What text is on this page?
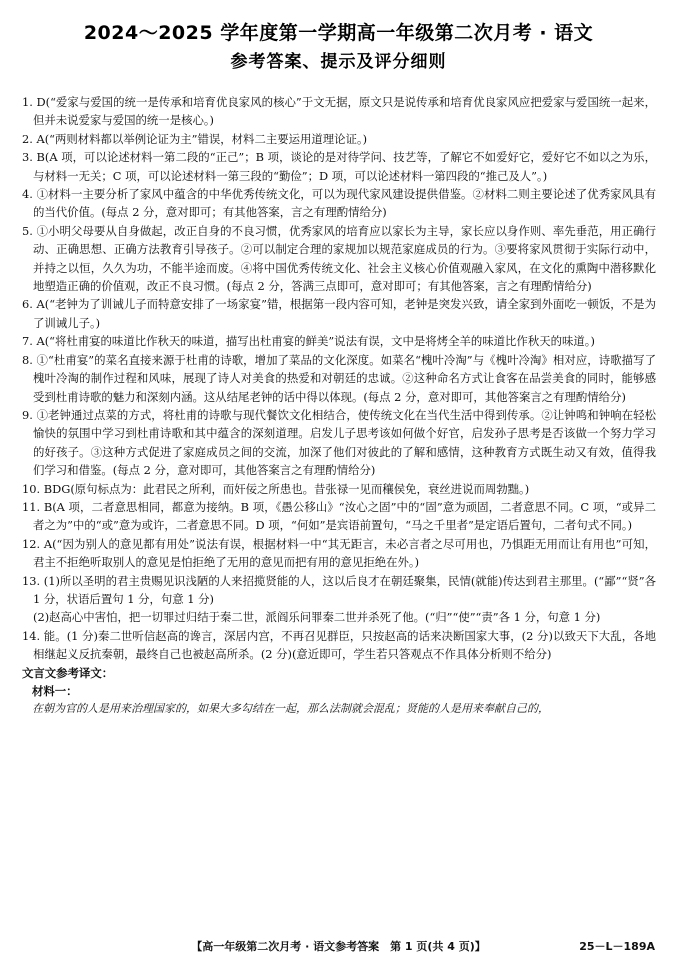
2024～2025 学年度第一学期高一年级第二次月考 · 语文
参考答案、提示及评分细则

1. D(“爱家与爱国的统一是传承和培育优良家风的核心”于文无据，原文只是说传承和培育优良家风应把爱家与爱国统一起来，但并未说爱家与爱国的统一是核心。)

2. A(“两则材料都以举例论证为主”错误，材料二主要运用道理论证。)

3. B(A 项，可以论述材料一第二段的“正己”；B 项，谈论的是对待学问、技艺等，了解它不如爱好它，爱好它不如以之为乐，与材料一无关；C 项，可以论述材料一第三段的“勤俭”；D 项，可以论述材料一第四段的“推己及人”。)

4. ①材料一主要分析了家风中蕴含的中华优秀传统文化，可以为现代家风建设提供借鉴。②材料二则主要论述了优秀家风具有的当代价值。(每点 2 分，意对即可；有其他答案，言之有理酌情给分)

5. ①小明父母要从自身做起，改正自身的不良习惯，优秀家风的培育应以家长为主导，家长应以身作则、率先垂范，用正确行动、正确思想、正确方法教育引导孩子。②可以制定合理的家规加以规范家庭成员的行为。③要将家风贯彻于实际行动中，并持之以恒，久久为功，不能半途而废。④将中国优秀传统文化、社会主义核心价值观融入家风，在文化的熏陶中潜移默化地塑造正确的价值观，改正不良习惯。(每点 2 分，答满三点即可，意对即可；有其他答案，言之有理酌情给分)

6. A(“老钟为了训诫儿子而特意安排了一场家宴”错，根据第一段内容可知，老钟是突发兴致，请全家到外面吃一顿饭，不是为了训诫儿子。)

7. A(“将杜甫宴的味道比作秋天的味道，描写出杜甫宴的鲜美”说法有误，文中是将烤全羊的味道比作秋天的味道。)

8. ①“杜甫宴”的菜名直接来源于杜甫的诗歌，增加了菜品的文化深度。如菜名“槐叶冷淘”与《槐叶冷淘》相对应，诗歌描写了槐叶冷淘的制作过程和风味，展现了诗人对美食的热爱和对朝廷的忠诚。②这种命名方式让食客在品尝美食的同时，能够感受到杜甫诗歌的魅力和深刻内涵。这从结尾老钟的话中得以体现。(每点 2 分，意对即可，其他答案言之有理酌情给分)

9. ①老钟通过点菜的方式，将杜甫的诗歌与现代餐饮文化相结合，使传统文化在当代生活中得到传承。②让钟鸣和钟响在轻松愉快的氛围中学习到杜甫诗歌和其中蕴含的深刻道理。启发儿子思考该如何做个好官，启发孙子思考是否该做一个努力学习的好孩子。③这种方式促进了家庭成员之间的交流，加深了他们对彼此的了解和感情，这种教育方式既生动又有效，值得我们学习和借鉴。(每点 2 分，意对即可，其他答案言之有理酌情给分)

10. BDG(原句标点为：此君民之所利，而奸佞之所患也。昔张禄一见而穰侯免，衰丝进说而周勃黜。)

11. B(A 项，二者意思相同，都意为接纳。B 项，《愚公移山》“汝心之固”中的“固”意为顽固，二者意思不同。C 项，“或异二者之为”中的“或”意为或许，二者意思不同。D 项，“何如”是宾语前置句，“马之千里者”是定语后置句，二者句式不同。)

12. A(“因为别人的意见都有用处”说法有误，根据材料一中“其无距言，未必言者之尽可用也，乃惧距无用而让有用也”可知，君主不拒绝听取别人的意见是怕拒绝了无用的意见而把有用的意见拒绝在外。)

13. (1)所以圣明的君主贵赐见识浅陋的人来招揽贤能的人，这以后良才在朝廷聚集，民情(就能)传达到君主那里。(“鄙”“贤”各 1 分，状语后置句 1 分，句意 1 分)

(2)赵高心中害怕，把一切罪过归结于秦二世，派阎乐问罪秦二世并杀死了他。(“归”“使”“责”各 1 分，句意 1 分)

14. 能。(1 分)秦二世听信赵高的谗言，深居内宫，不再召见群臣，只按赵高的话来决断国家大事，(2 分)以致天下大乱，各地相继起义反抗秦朝，最终自己也被赵高所杀。(2 分)(意近即可，学生若只答观点不作具体分析则不给分)

文言文参考译文：

材料一：

在朝为官的人是用来治理国家的，如果大多勾结在一起，那么法制就会混乱；贤能的人是用来奉献自己的，

【高一年级第二次月考 · 语文参考答案　第 1 页(共 4 页)】	25－L－189A
